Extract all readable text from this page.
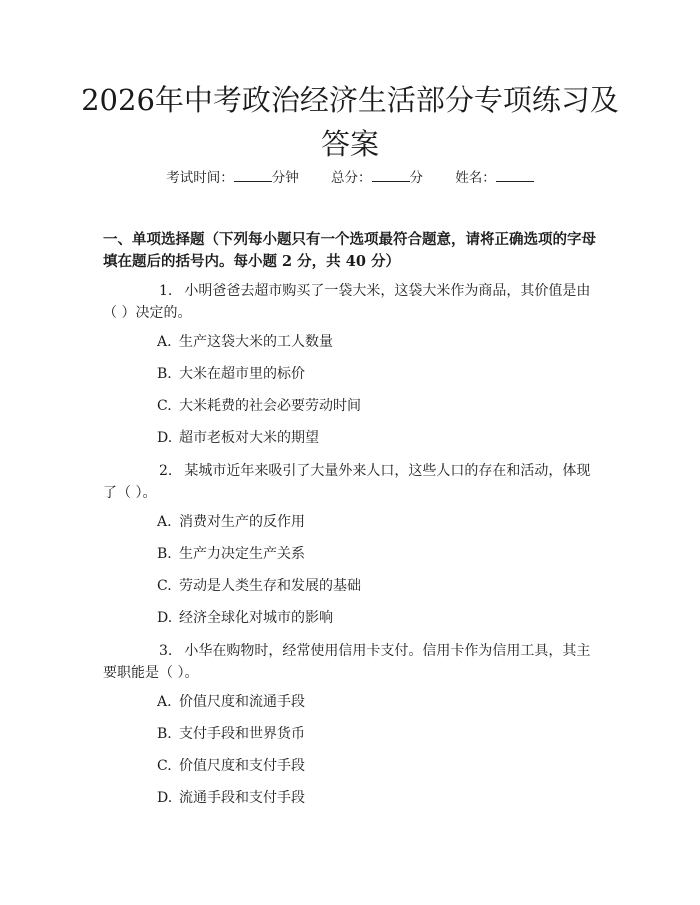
2026年中考政治经济生活部分专项练习及答案
考试时间：	分钟 总分：	分 姓名：

一、单项选择题（下列每小题只有一个选项最符合题意，请将正确选项的字母填在题后的括号内。每小题 2 分，共 40 分）

1. 小明爸爸去超市购买了一袋大米，这袋大米作为商品，其价值是由（ ）决定的。

A. 生产这袋大米的工人数量
B. 大米在超市里的标价
C. 大米耗费的社会必要劳动时间
D. 超市老板对大米的期望

2. 某城市近年来吸引了大量外来人口，这些人口的存在和活动，体现了（ ）。

A. 消费对生产的反作用
B. 生产力决定生产关系
C. 劳动是人类生存和发展的基础
D. 经济全球化对城市的影响

3. 小华在购物时，经常使用信用卡支付。信用卡作为信用工具，其主要职能是（ ）。

A. 价值尺度和流通手段
B. 支付手段和世界货币
C. 价值尺度和支付手段
D. 流通手段和支付手段
